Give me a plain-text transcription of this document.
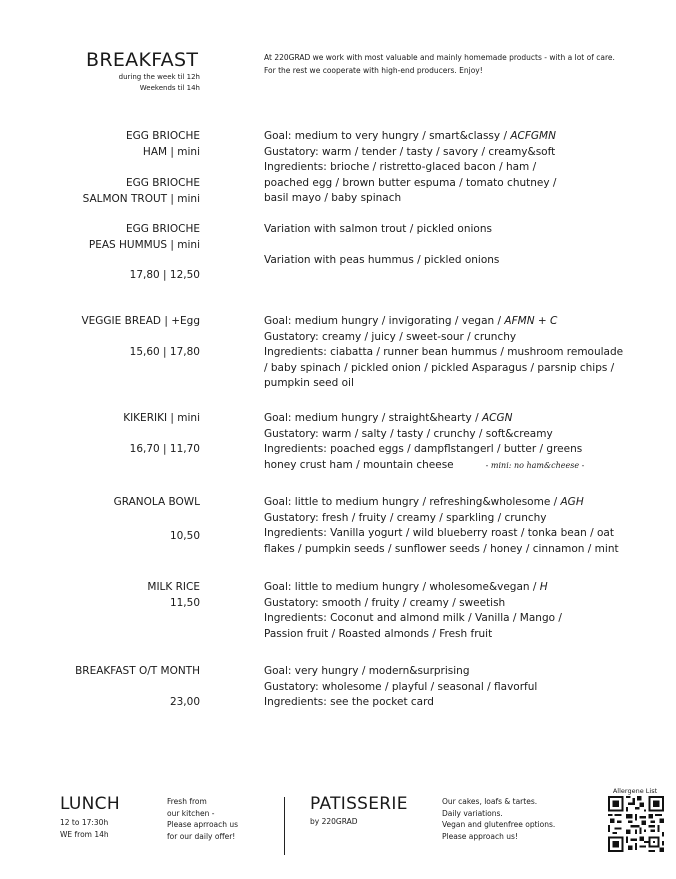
BREAKFAST
during the week til 12h
Weekends til 14h
At 220GRAD we work with most valuable and mainly homemade products - with a lot of care.
For the rest we cooperate with high-end producers. Enjoy!
EGG BRIOCHE
HAM | mini
EGG BRIOCHE
SALMON TROUT | mini
EGG BRIOCHE
PEAS HUMMUS | mini
17,80 | 12,50
Goal: medium to very hungry / smart&classy / ACFGMN
Gustatory: warm / tender / tasty / savory / creamy&soft
Ingredients: brioche / ristretto-glaced bacon / ham /
poached egg / brown butter espuma / tomato chutney /
basil mayo / baby spinach
Variation with salmon trout / pickled onions
Variation with peas hummus / pickled onions
VEGGIE BREAD | +Egg
15,60 | 17,80
Goal: medium hungry / invigorating / vegan / AFMN + C
Gustatory: creamy / juicy / sweet-sour / crunchy
Ingredients: ciabatta / runner bean hummus / mushroom remoulade
/ baby spinach / pickled onion / pickled Asparagus / parsnip chips /
pumpkin seed oil
KIKERIKI | mini
16,70 | 11,70
Goal: medium hungry / straight&hearty / ACGN
Gustatory: warm / salty / tasty / crunchy / soft&creamy
Ingredients: poached eggs / dampflstangerl / butter / greens
honey crust ham / mountain cheese	- mini: no ham&cheese -
GRANOLA BOWL
10,50
Goal: little to medium hungry / refreshing&wholesome / AGH
Gustatory: fresh / fruity / creamy / sparkling / crunchy
Ingredients: Vanilla yogurt / wild blueberry roast / tonka bean / oat
flakes / pumpkin seeds / sunflower seeds / honey / cinnamon / mint
MILK RICE
11,50
Goal: little to medium hungry / wholesome&vegan / H
Gustatory: smooth / fruity / creamy / sweetish
Ingredients: Coconut and almond milk / Vanilla / Mango /
Passion fruit / Roasted almonds / Fresh fruit
BREAKFAST O/T MONTH
23,00
Goal: very hungry / modern&surprising
Gustatory: wholesome / playful / seasonal / flavorful
Ingredients: see the pocket card
LUNCH
12 to 17:30h
WE from 14h
Fresh from
our kitchen -
Please aprroach us
for our daily offer!
PATISSERIE
by 220GRAD
Our cakes, loafs & tartes.
Daily variations.
Vegan and glutenfree options.
Please approach us!
Allergene List
